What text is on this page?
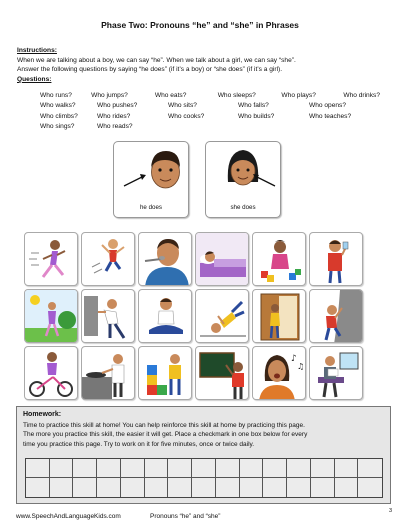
Phase Two: Pronouns “he” and “she” in Phrases
Instructions:
When we are talking about a boy, we can say “he”. When we talk about a girl, we can say “she”.
Answer the following questions by saying “he does” (if it’s a boy) or “she does” (if it’s a girl).
Questions:
Who runs?	Who jumps?	Who eats?	Who sleeps?	Who plays?	Who drinks?
Who walks?	Who pushes?	Who sits?	Who falls?	Who opens?
Who climbs?	Who rides?	Who cooks?	Who builds?	Who teaches?
Who sings?	Who reads?
he does	she does
♪
♫
Homework:
Time to practice this skill at home! You can help reinforce this skill at home by practicing this page.
The more you practice this skill, the easier it will get. Place a checkmark in one box below for every
time you practice this page. Try to work on it for five minutes, once or twice daily.
www.SpeechAndLanguageKids.com	Pronouns “he” and “she”
3
